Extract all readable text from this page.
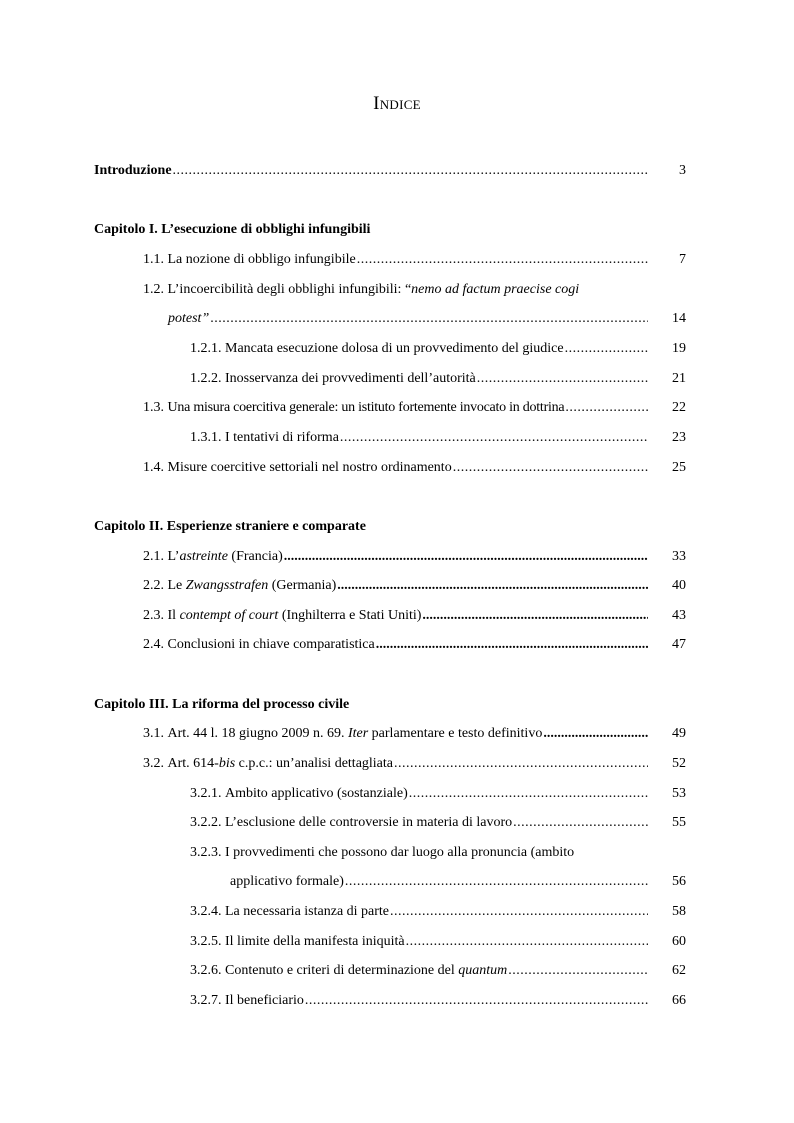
Indice
Introduzione .....	3
Capitolo I. L’esecuzione di obblighi infungibili
1.1. La nozione di obbligo infungibile .....	7
1.2. L’incoercibilità degli obblighi infungibili: “nemo ad factum praecise cogi
potest” .....	14
1.2.1. Mancata esecuzione dolosa di un provvedimento del giudice .....	19
1.2.2. Inosservanza dei provvedimenti dell’autorità .....	21
1.3. Una misura coercitiva generale: un istituto fortemente invocato in dottrina .....	22
1.3.1. I tentativi di riforma .....	23
1.4. Misure coercitive settoriali nel nostro ordinamento .....	25
Capitolo II. Esperienze straniere e comparate
2.1. L’astreinte (Francia) .....	33
2.2. Le Zwangsstrafen (Germania) .....	40
2.3. Il contempt of court (Inghilterra e Stati Uniti) .....	43
2.4. Conclusioni in chiave comparatistica .....	47
Capitolo III. La riforma del processo civile
3.1. Art. 44 l. 18 giugno 2009 n. 69. Iter parlamentare e testo definitivo .....	49
3.2. Art. 614-bis c.p.c.: un’analisi dettagliata .....	52
3.2.1. Ambito applicativo (sostanziale) .....	53
3.2.2. L’esclusione delle controversie in materia di lavoro .....	55
3.2.3. I provvedimenti che possono dar luogo alla pronuncia (ambito
applicativo formale) .....	56
3.2.4. La necessaria istanza di parte .....	58
3.2.5. Il limite della manifesta iniquità .....	60
3.2.6. Contenuto e criteri di determinazione del quantum .....	62
3.2.7. Il beneficiario .....	66
